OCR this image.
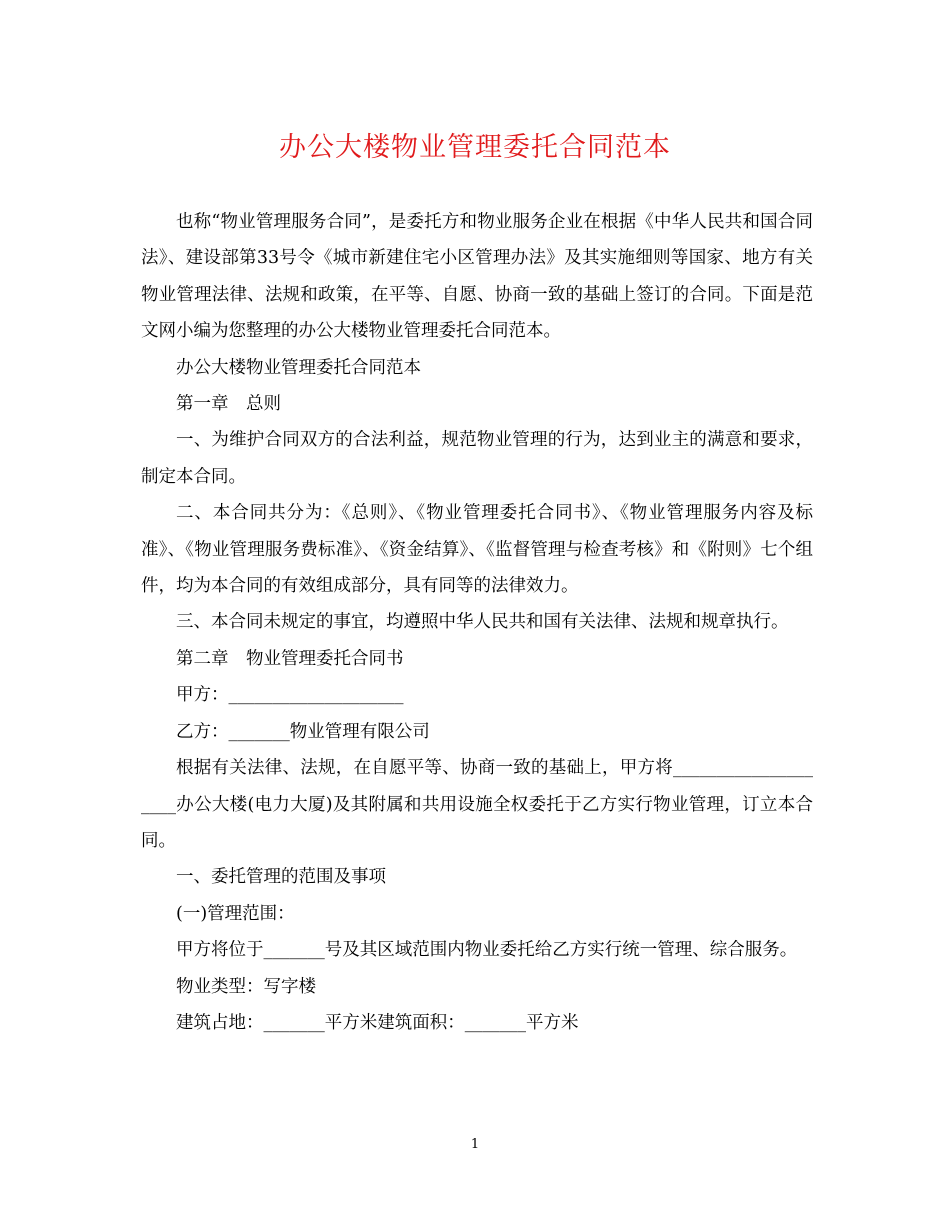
办公大楼物业管理委托合同范本

也称“物业管理服务合同”，是委托方和物业服务企业在根据《中华人民共和国合同法》、建设部第33号令《城市新建住宅小区管理办法》及其实施细则等国家、地方有关物业管理法律、法规和政策，在平等、自愿、协商一致的基础上签订的合同。下面是范文网小编为您整理的办公大楼物业管理委托合同范本。

办公大楼物业管理委托合同范本

第一章　总则

一、为维护合同双方的合法利益，规范物业管理的行为，达到业主的满意和要求，制定本合同。

二、本合同共分为：《总则》、《物业管理委托合同书》、《物业管理服务内容及标准》、《物业管理服务费标准》、《资金结算》、《监督管理与检查考核》和《附则》七个组件，均为本合同的有效组成部分，具有同等的法律效力。

三、本合同未规定的事宜，均遵照中华人民共和国有关法律、法规和规章执行。

第二章　物业管理委托合同书

甲方：____________________

乙方：_______物业管理有限公司

根据有关法律、法规，在自愿平等、协商一致的基础上，甲方将____________________办公大楼(电力大厦)及其附属和共用设施全权委托于乙方实行物业管理，订立本合同。

一、委托管理的范围及事项

(一)管理范围：

甲方将位于_______号及其区域范围内物业委托给乙方实行统一管理、综合服务。

物业类型：写字楼

建筑占地：_______平方米建筑面积：_______平方米

1
